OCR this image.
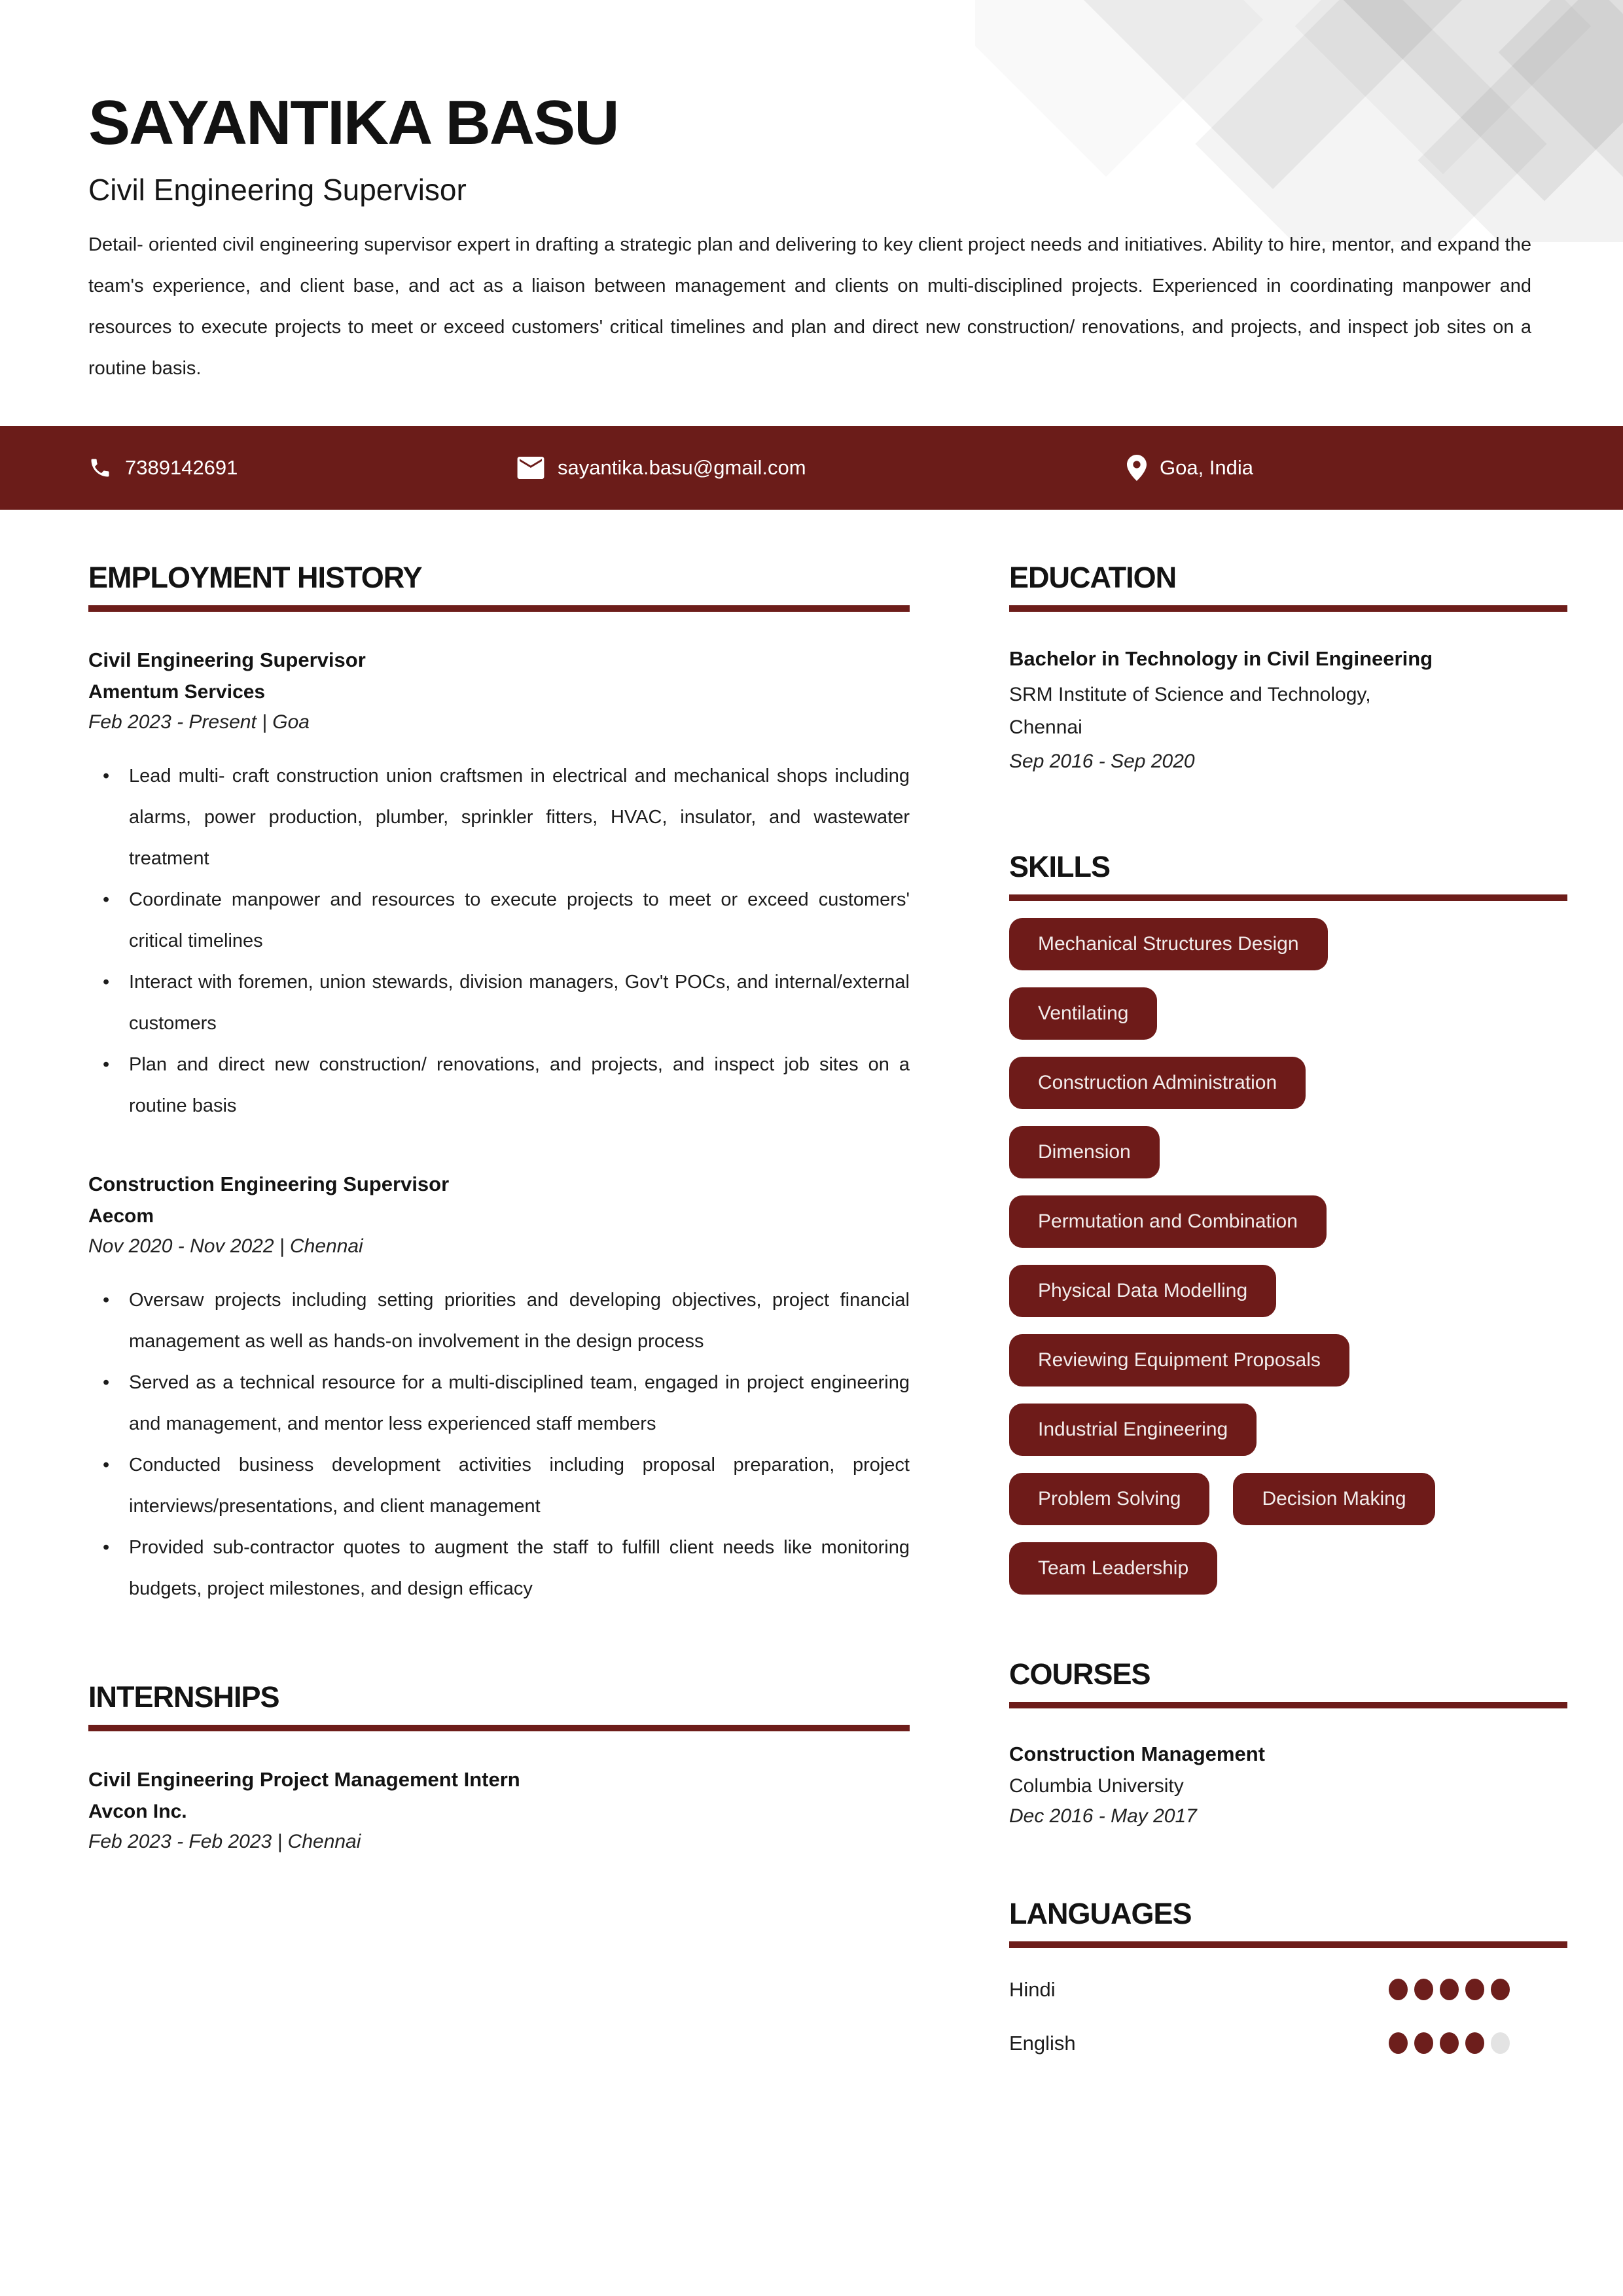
SAYANTIKA BASU
Civil Engineering Supervisor

Detail- oriented civil engineering supervisor expert in drafting a strategic plan and delivering to key client project needs and initiatives. Ability to hire, mentor, and expand the team's experience, and client base, and act as a liaison between management and clients on multi-disciplined projects. Experienced in coordinating manpower and resources to execute projects to meet or exceed customers' critical timelines and plan and direct new construction/ renovations, and projects, and inspect job sites on a routine basis.

7389142691	sayantika.basu@gmail.com	Goa, India
EMPLOYMENT HISTORY
Civil Engineering Supervisor
Amentum Services
Feb 2023 - Present | Goa
• Lead multi- craft construction union craftsmen in electrical and mechanical shops including alarms, power production, plumber, sprinkler fitters, HVAC, insulator, and wastewater treatment
• Coordinate manpower and resources to execute projects to meet or exceed customers' critical timelines
• Interact with foremen, union stewards, division managers, Gov't POCs, and internal/external customers
• Plan and direct new construction/ renovations, and projects, and inspect job sites on a routine basis
Construction Engineering Supervisor
Aecom
Nov 2020 - Nov 2022 | Chennai
• Oversaw projects including setting priorities and developing objectives, project financial management as well as hands-on involvement in the design process
• Served as a technical resource for a multi-disciplined team, engaged in project engineering and management, and mentor less experienced staff members
• Conducted business development activities including proposal preparation, project interviews/presentations, and client management
• Provided sub-contractor quotes to augment the staff to fulfill client needs like monitoring budgets, project milestones, and design efficacy
INTERNSHIPS
Civil Engineering Project Management Intern
Avcon Inc.
Feb 2023 - Feb 2023 | Chennai
EDUCATION
Bachelor in Technology in Civil Engineering
SRM Institute of Science and Technology,
Chennai
Sep 2016 - Sep 2020
SKILLS
Mechanical Structures Design
Ventilating
Construction Administration
Dimension
Permutation and Combination
Physical Data Modelling
Reviewing Equipment Proposals
Industrial Engineering
Problem Solving	Decision Making
Team Leadership
COURSES
Construction Management
Columbia University
Dec 2016 - May 2017
LANGUAGES
Hindi
English
